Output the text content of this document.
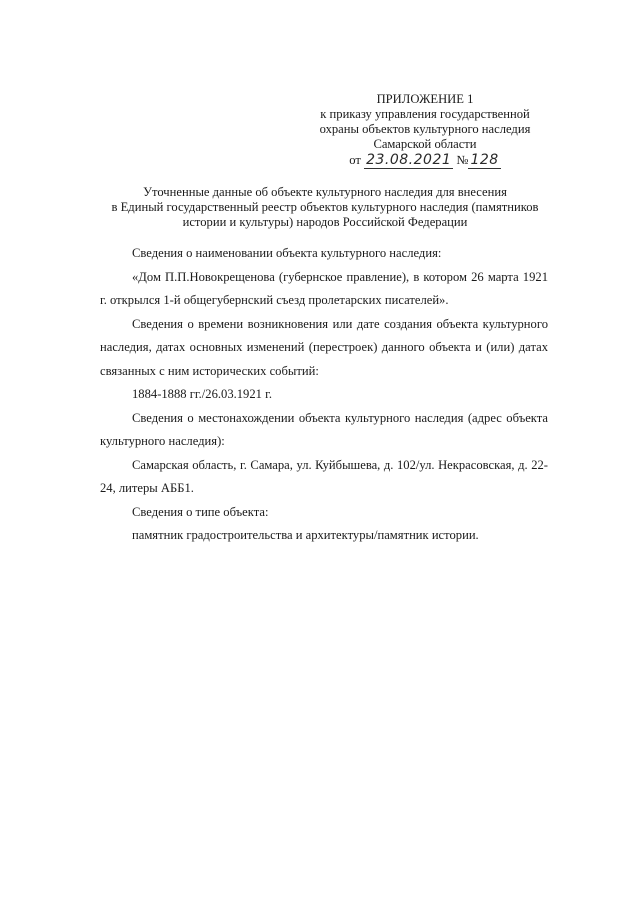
ПРИЛОЖЕНИЕ 1
к приказу управления государственной
охраны объектов культурного наследия
Самарской области
от 23.08.2021 № 128
Уточненные данные об объекте культурного наследия для внесения
в Единый государственный реестр объектов культурного наследия (памятников
истории и культуры) народов Российской Федерации

Сведения о наименовании объекта культурного наследия:

«Дом П.П.Новокрещенова (губернское правление), в котором 26 марта 1921 г. открылся 1-й общегубернский съезд пролетарских писателей».

Сведения о времени возникновения или дате создания объекта культурного наследия, датах основных изменений (перестроек) данного объекта и (или) датах связанных с ним исторических событий:

1884-1888 гг./26.03.1921 г.

Сведения о местонахождении объекта культурного наследия (адрес объекта культурного наследия):

Самарская область, г. Самара, ул. Куйбышева, д. 102/ул. Некрасовская, д. 22-24, литеры АББ1.

Сведения о типе объекта:

памятник градостроительства и архитектуры/памятник истории.
